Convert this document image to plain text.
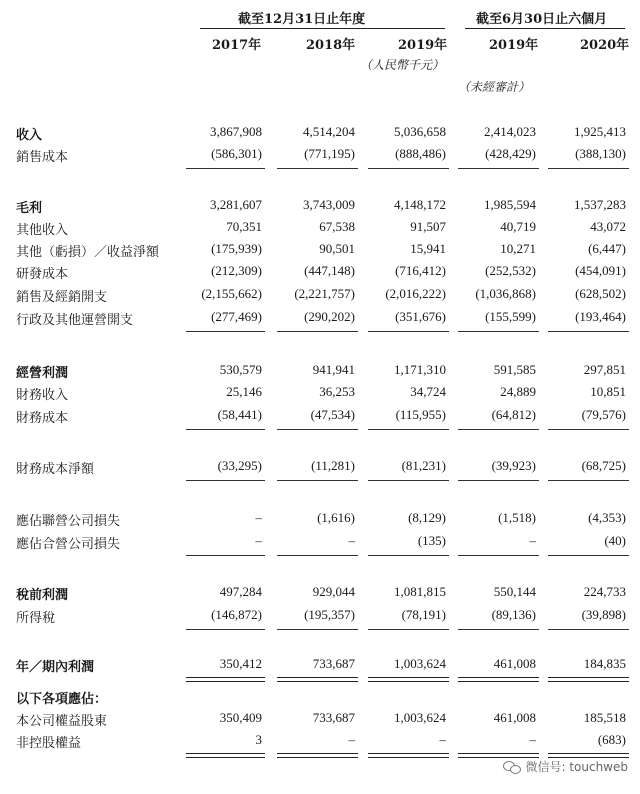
截至12月31日止年度	截至6月30日止六個月
2017年	2018年	2019年	2019年	2020年
（人民幣千元）
（未經審計）
收入	3,867,908	4,514,204	5,036,658	2,414,023	1,925,413
銷售成本	(586,301)	(771,195)	(888,486)	(428,429)	(388,130)
毛利	3,281,607	3,743,009	4,148,172	1,985,594	1,537,283
其他收入	70,351	67,538	91,507	40,719	43,072
其他（虧損）／收益淨額	(175,939)	90,501	15,941	10,271	(6,447)
研發成本	(212,309)	(447,148)	(716,412)	(252,532)	(454,091)
銷售及經銷開支	(2,155,662)	(2,221,757)	(2,016,222)	(1,036,868)	(628,502)
行政及其他運營開支	(277,469)	(290,202)	(351,676)	(155,599)	(193,464)
經營利潤	530,579	941,941	1,171,310	591,585	297,851
財務收入	25,146	36,253	34,724	24,889	10,851
財務成本	(58,441)	(47,534)	(115,955)	(64,812)	(79,576)
財務成本淨額	(33,295)	(11,281)	(81,231)	(39,923)	(68,725)
應佔聯營公司損失	–	(1,616)	(8,129)	(1,518)	(4,353)
應佔合營公司損失	–	–	(135)	–	(40)
稅前利潤	497,284	929,044	1,081,815	550,144	224,733
所得稅	(146,872)	(195,357)	(78,191)	(89,136)	(39,898)
年／期內利潤	350,412	733,687	1,003,624	461,008	184,835
以下各項應佔：
本公司權益股東	350,409	733,687	1,003,624	461,008	185,518
非控股權益	3	–	–	–	(683)
微信号: touchweb
